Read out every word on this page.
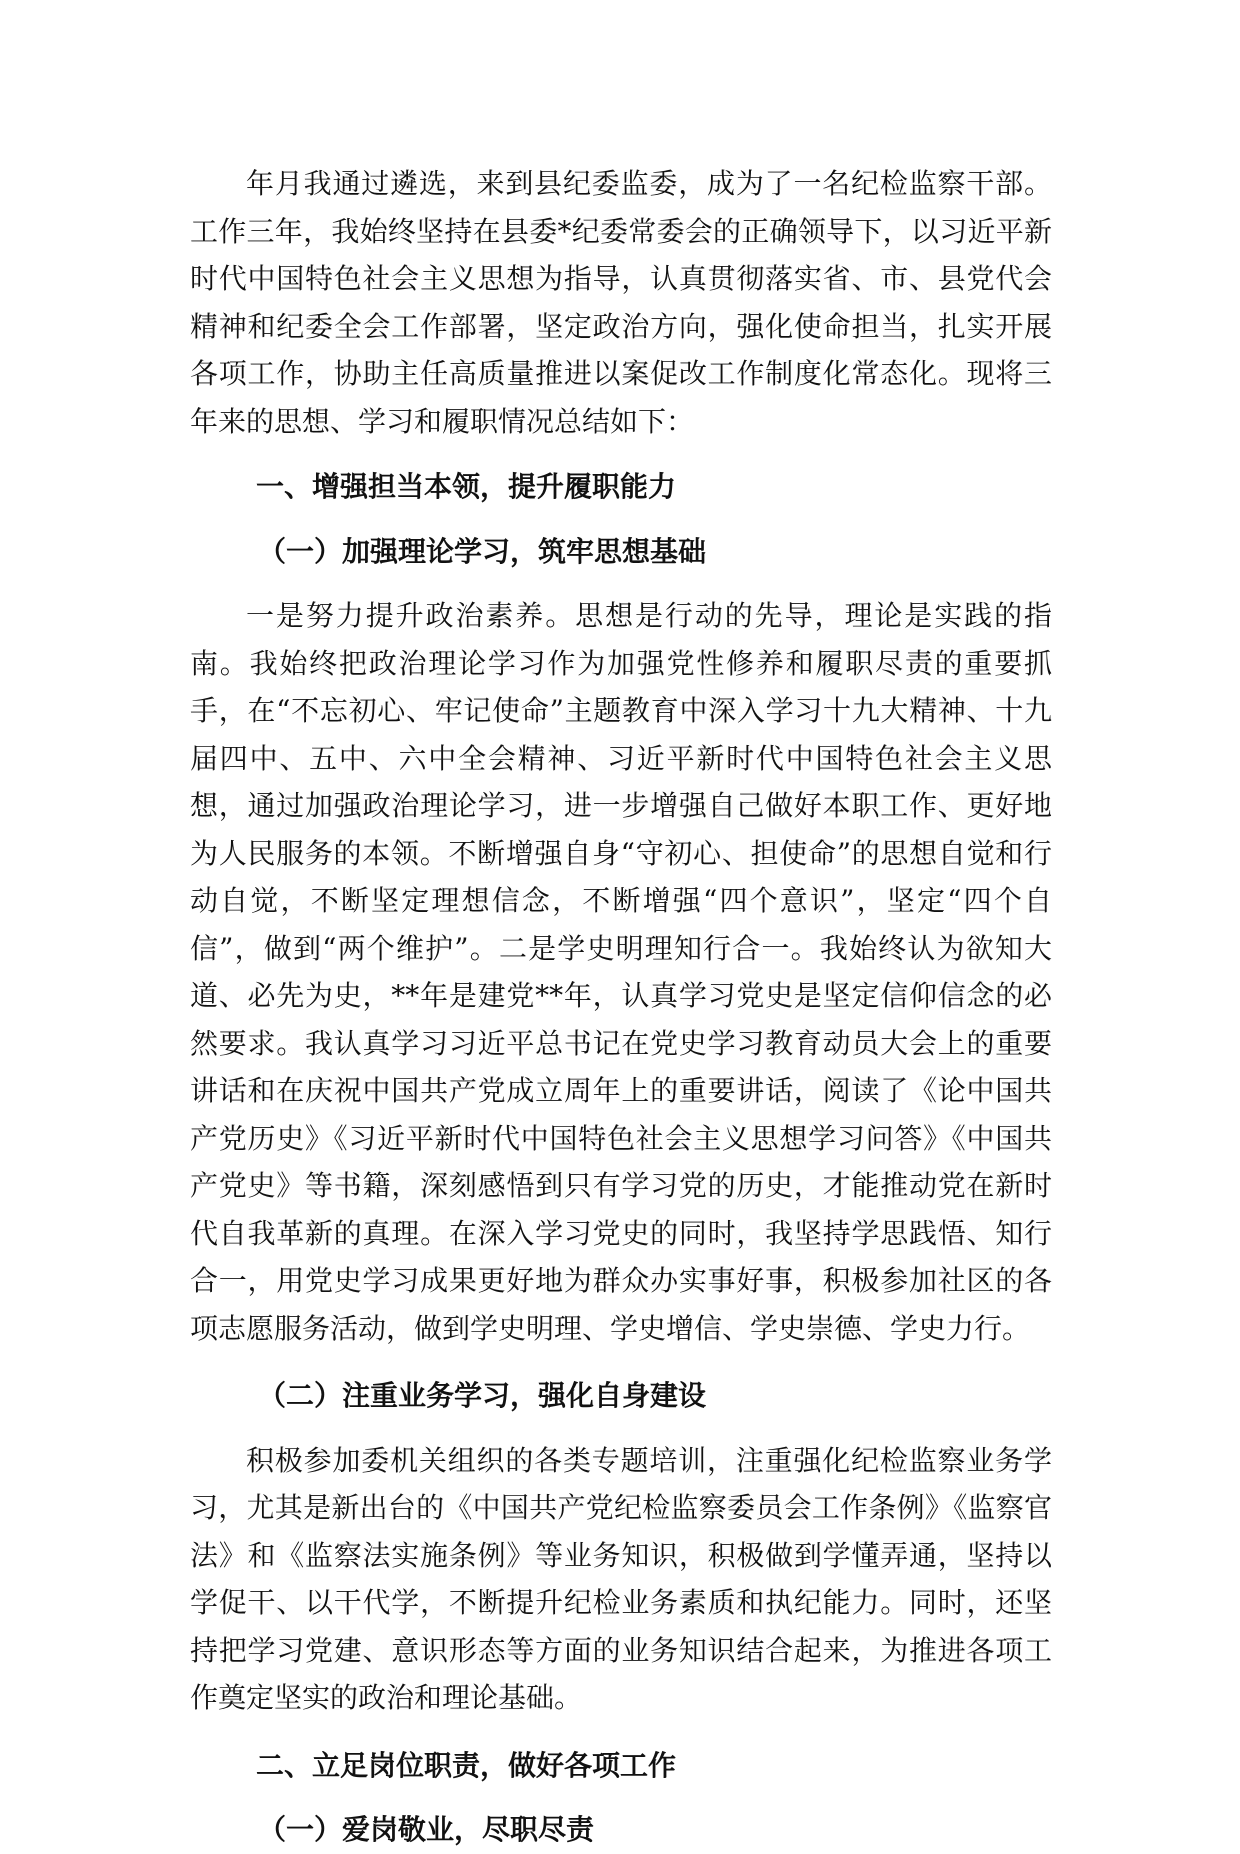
年月我通过遴选，来到县纪委监委，成为了一名纪检监察干部。工作三年，我始终坚持在县委*纪委常委会的正确领导下，以习近平新时代中国特色社会主义思想为指导，认真贯彻落实省、市、县党代会精神和纪委全会工作部署，坚定政治方向，强化使命担当，扎实开展各项工作，协助主任高质量推进以案促改工作制度化常态化。现将三年来的思想、学习和履职情况总结如下：

一、增强担当本领，提升履职能力

（一）加强理论学习，筑牢思想基础

一是努力提升政治素养。思想是行动的先导，理论是实践的指南。我始终把政治理论学习作为加强党性修养和履职尽责的重要抓手，在“不忘初心、牢记使命”主题教育中深入学习十九大精神、十九届四中、五中、六中全会精神、习近平新时代中国特色社会主义思想，通过加强政治理论学习，进一步增强自己做好本职工作、更好地为人民服务的本领。不断增强自身“守初心、担使命”的思想自觉和行动自觉，不断坚定理想信念，不断增强“四个意识”，坚定“四个自信”，做到“两个维护”。二是学史明理知行合一。我始终认为欲知大道、必先为史，**年是建党**年，认真学习党史是坚定信仰信念的必然要求。我认真学习习近平总书记在党史学习教育动员大会上的重要讲话和在庆祝中国共产党成立周年上的重要讲话，阅读了《论中国共产党历史》《习近平新时代中国特色社会主义思想学习问答》《中国共产党史》等书籍，深刻感悟到只有学习党的历史，才能推动党在新时代自我革新的真理。在深入学习党史的同时，我坚持学思践悟、知行合一，用党史学习成果更好地为群众办实事好事，积极参加社区的各项志愿服务活动，做到学史明理、学史增信、学史崇德、学史力行。

（二）注重业务学习，强化自身建设

积极参加委机关组织的各类专题培训，注重强化纪检监察业务学习，尤其是新出台的《中国共产党纪检监察委员会工作条例》《监察官法》和《监察法实施条例》等业务知识，积极做到学懂弄通，坚持以学促干、以干代学，不断提升纪检业务素质和执纪能力。同时，还坚持把学习党建、意识形态等方面的业务知识结合起来，为推进各项工作奠定坚实的政治和理论基础。

二、立足岗位职责，做好各项工作

（一）爱岗敬业，尽职尽责
